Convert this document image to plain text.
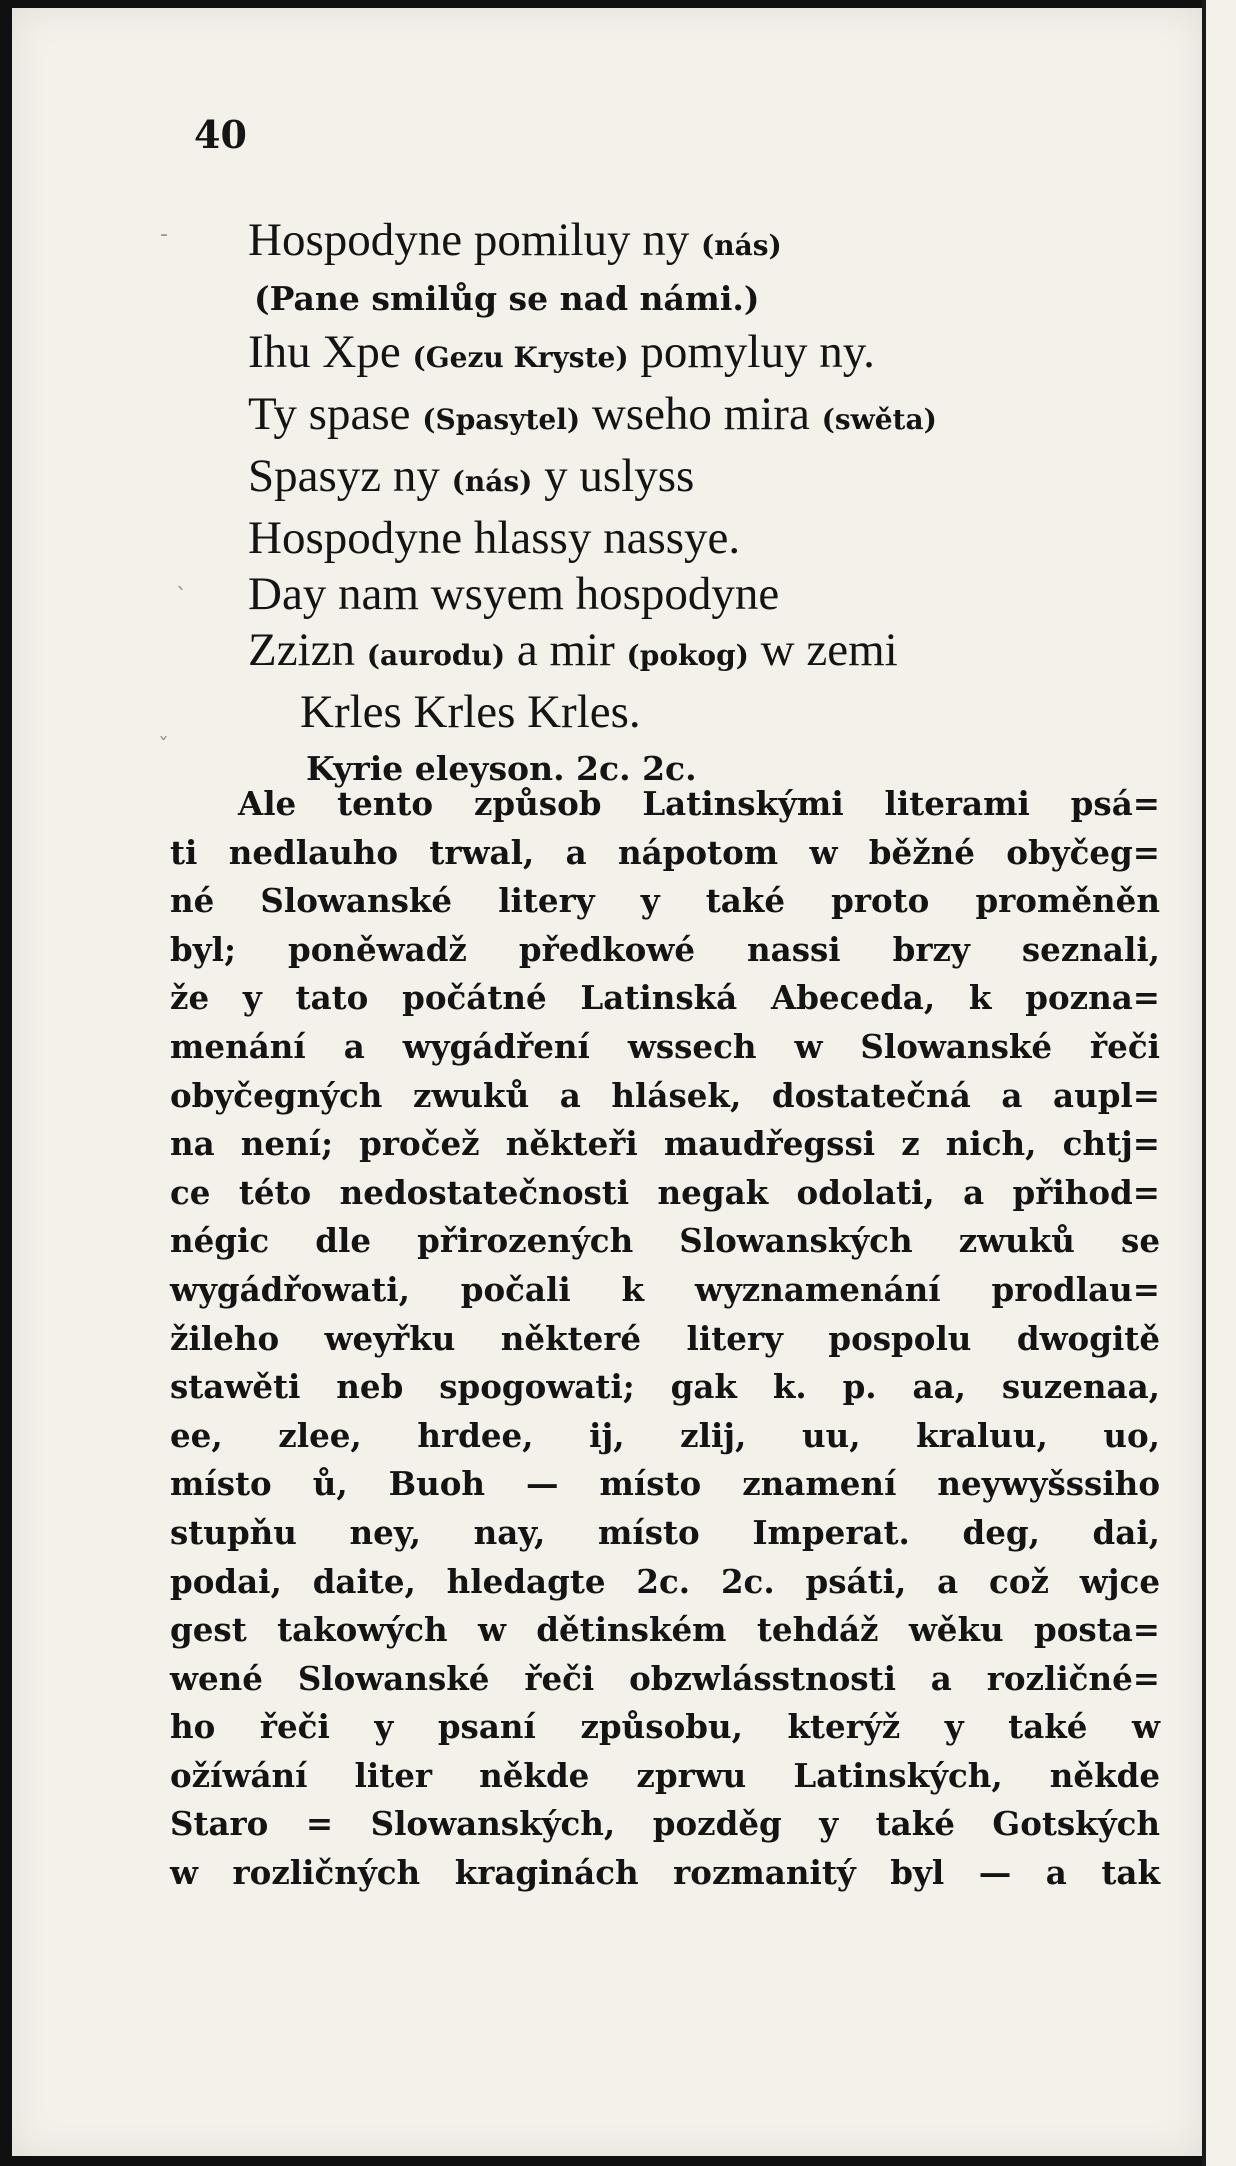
-
`
ˇ
40
Hospodyne pomiluy ny (nás)
(Pane smilůg se nad námi.)
Ihu Xpe (Gezu Kryste) pomyluy ny.
Ty spase (Spasytel) wseho mira (swěta)
Spasyz ny (nás) y uslyss
Hospodyne hlassy nassye.
Day nam wsyem hospodyne
Zzizn (aurodu) a mir (pokog) w zemi
Krles Krles Krles.
Kyrie eleyson. 2c. 2c.
Ale tento způsob Latinskými literami psá=
ti nedlauho trwal, a nápotom w běžné obyčeg=
né Slowanské litery y také proto proměněn
byl; poněwadž předkowé nassi brzy seznali,
že y tato počátné Latinská Abeceda, k pozna=
menání a wygádření wssech w Slowanské řeči
obyčegných zwuků a hlásek, dostatečná a aupl=
na není; pročež někteři maudřegssi z nich, chtj=
ce této nedostatečnosti negak odolati, a přihod=
négic dle přirozených Slowanských zwuků se
wygádřowati, počali k wyznamenání prodlau=
žileho weyřku některé litery pospolu dwogitě
stawěti neb spogowati; gak k. p. aa, suzenaa,
ee, zlee, hrdee, ij, zlij, uu, kraluu, uo,
místo ů, Buoh — místo znamení neywyšssiho
stupňu ney, nay, místo Imperat. deg, dai,
podai, daite, hledagte 2c. 2c. psáti, a což wjce
gest takowých w dětinském tehdáž wěku posta=
wené Slowanské řeči obzwlásstnosti a rozličné=
ho řeči y psaní způsobu, kterýž y také w
ožíwání liter někde zprwu Latinských, někde
Staro = Slowanských, pozděg y také Gotských
w rozličných kraginách rozmanitý byl — a tak
